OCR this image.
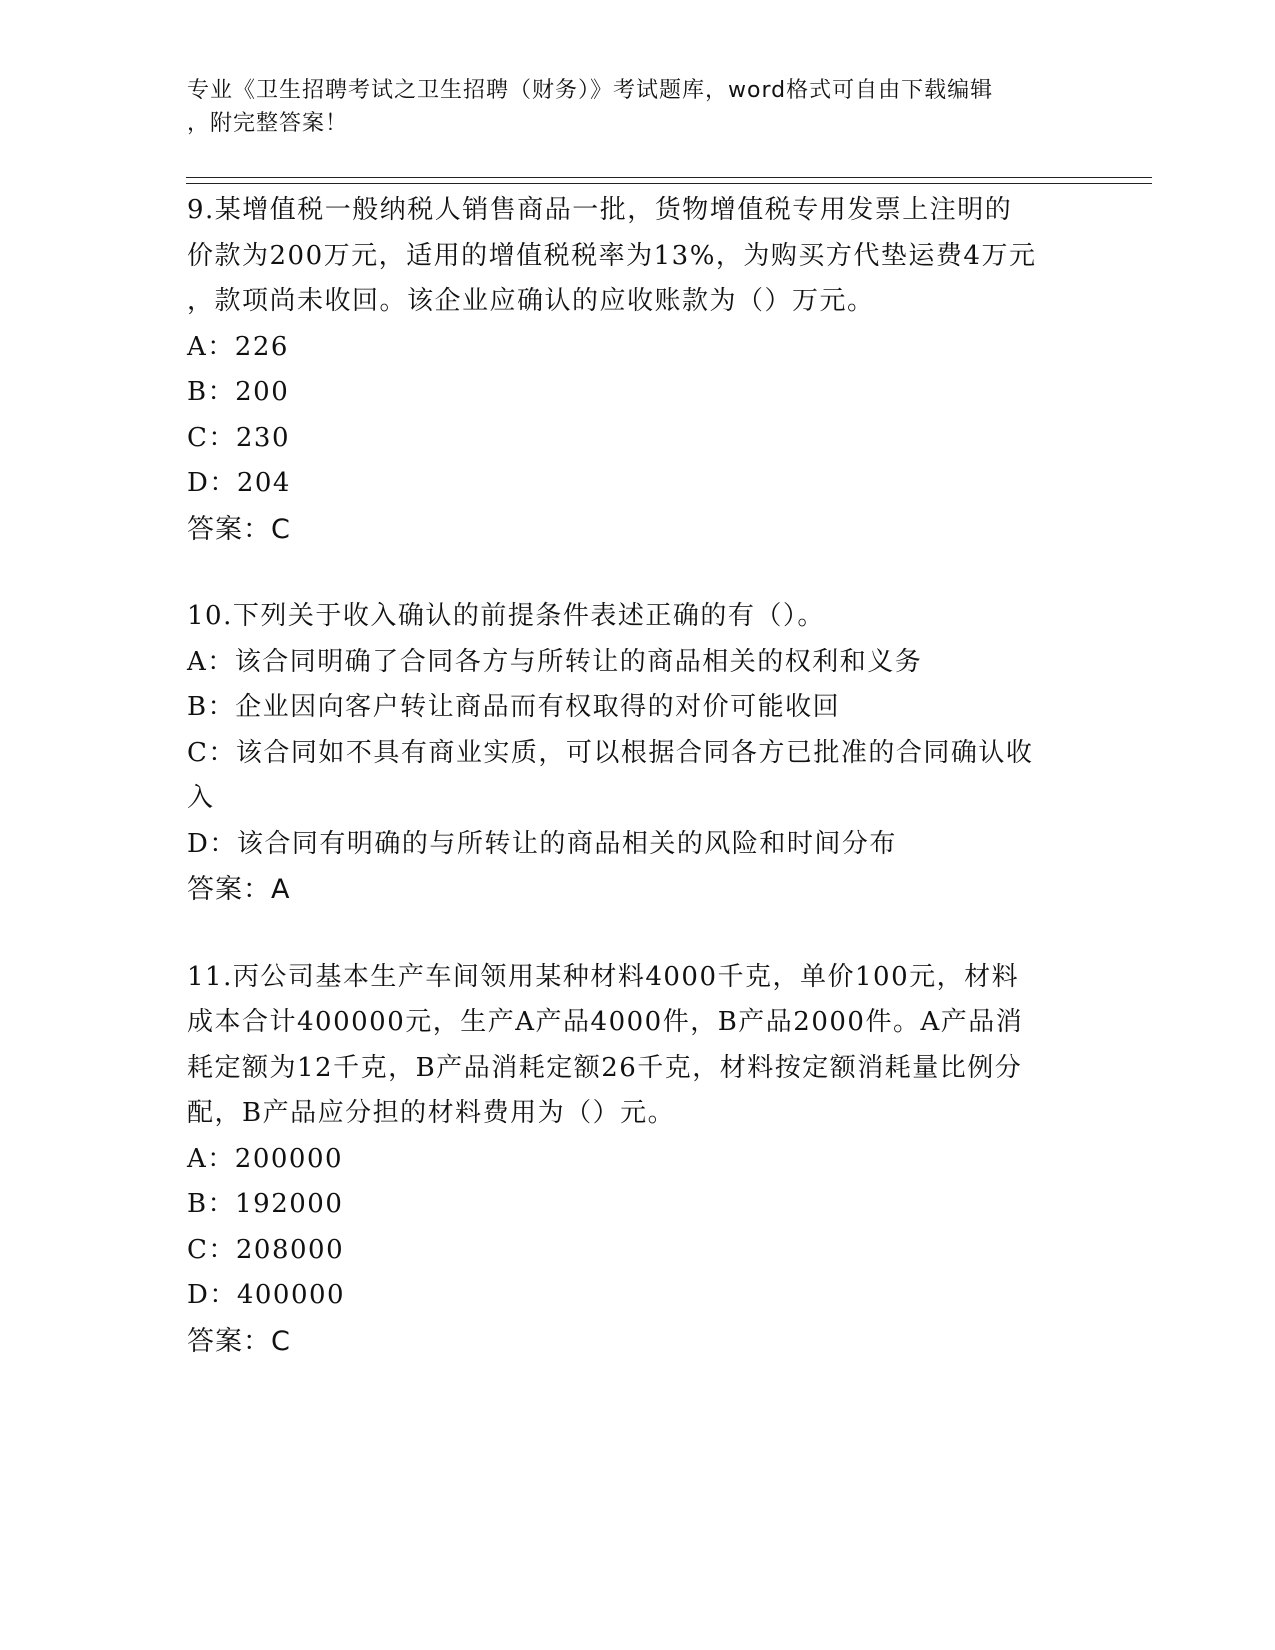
专业《卫生招聘考试之卫生招聘（财务）》考试题库，word格式可自由下载编辑
，附完整答案！
9.某增值税一般纳税人销售商品一批，货物增值税专用发票上注明的
价款为200万元，适用的增值税税率为13%，为购买方代垫运费4万元
，款项尚未收回。该企业应确认的应收账款为（）万元。
A：226
B：200
C：230
D：204
答案：C
10.下列关于收入确认的前提条件表述正确的有（）。
A：该合同明确了合同各方与所转让的商品相关的权利和义务
B：企业因向客户转让商品而有权取得的对价可能收回
C：该合同如不具有商业实质，可以根据合同各方已批准的合同确认收
入
D：该合同有明确的与所转让的商品相关的风险和时间分布
答案：A
11.丙公司基本生产车间领用某种材料4000千克，单价100元，材料
成本合计400000元，生产A产品4000件，B产品2000件。A产品消
耗定额为12千克，B产品消耗定额26千克，材料按定额消耗量比例分
配，B产品应分担的材料费用为（）元。
A：200000
B：192000
C：208000
D：400000
答案：C
